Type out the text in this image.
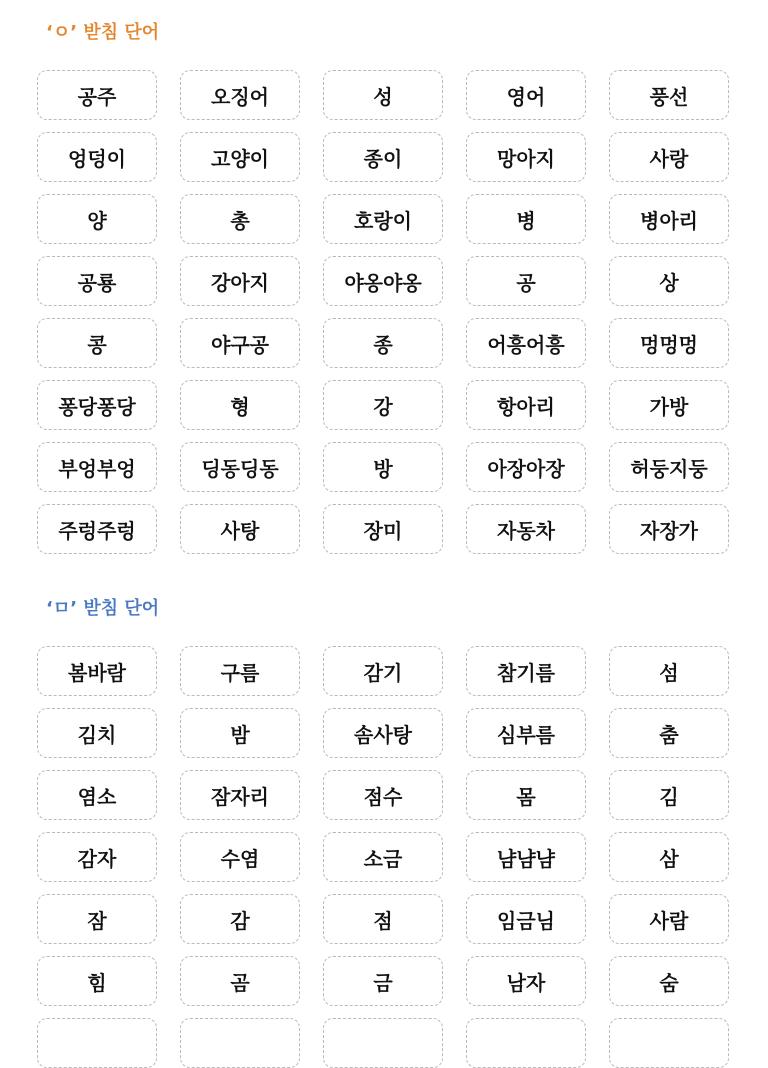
‘ㅇ’ 받침 단어
공주	오징어	성	영어	풍선
엉덩이	고양이	종이	망아지	사랑
양	총	호랑이	병	병아리
공룡	강아지	야옹야옹	공	상
콩	야구공	종	어흥어흥	멍멍멍
퐁당퐁당	형	강	항아리	가방
부엉부엉	딩동딩동	방	아장아장	허둥지둥
주렁주렁	사탕	장미	자동차	자장가
‘ㅁ’ 받침 단어
봄바람	구름	감기	참기름	섬
김치	밤	솜사탕	심부름	춤
염소	잠자리	점수	몸	김
감자	수염	소금	냠냠냠	삼
잠	감	점	임금님	사람
힘	곰	금	남자	숨
